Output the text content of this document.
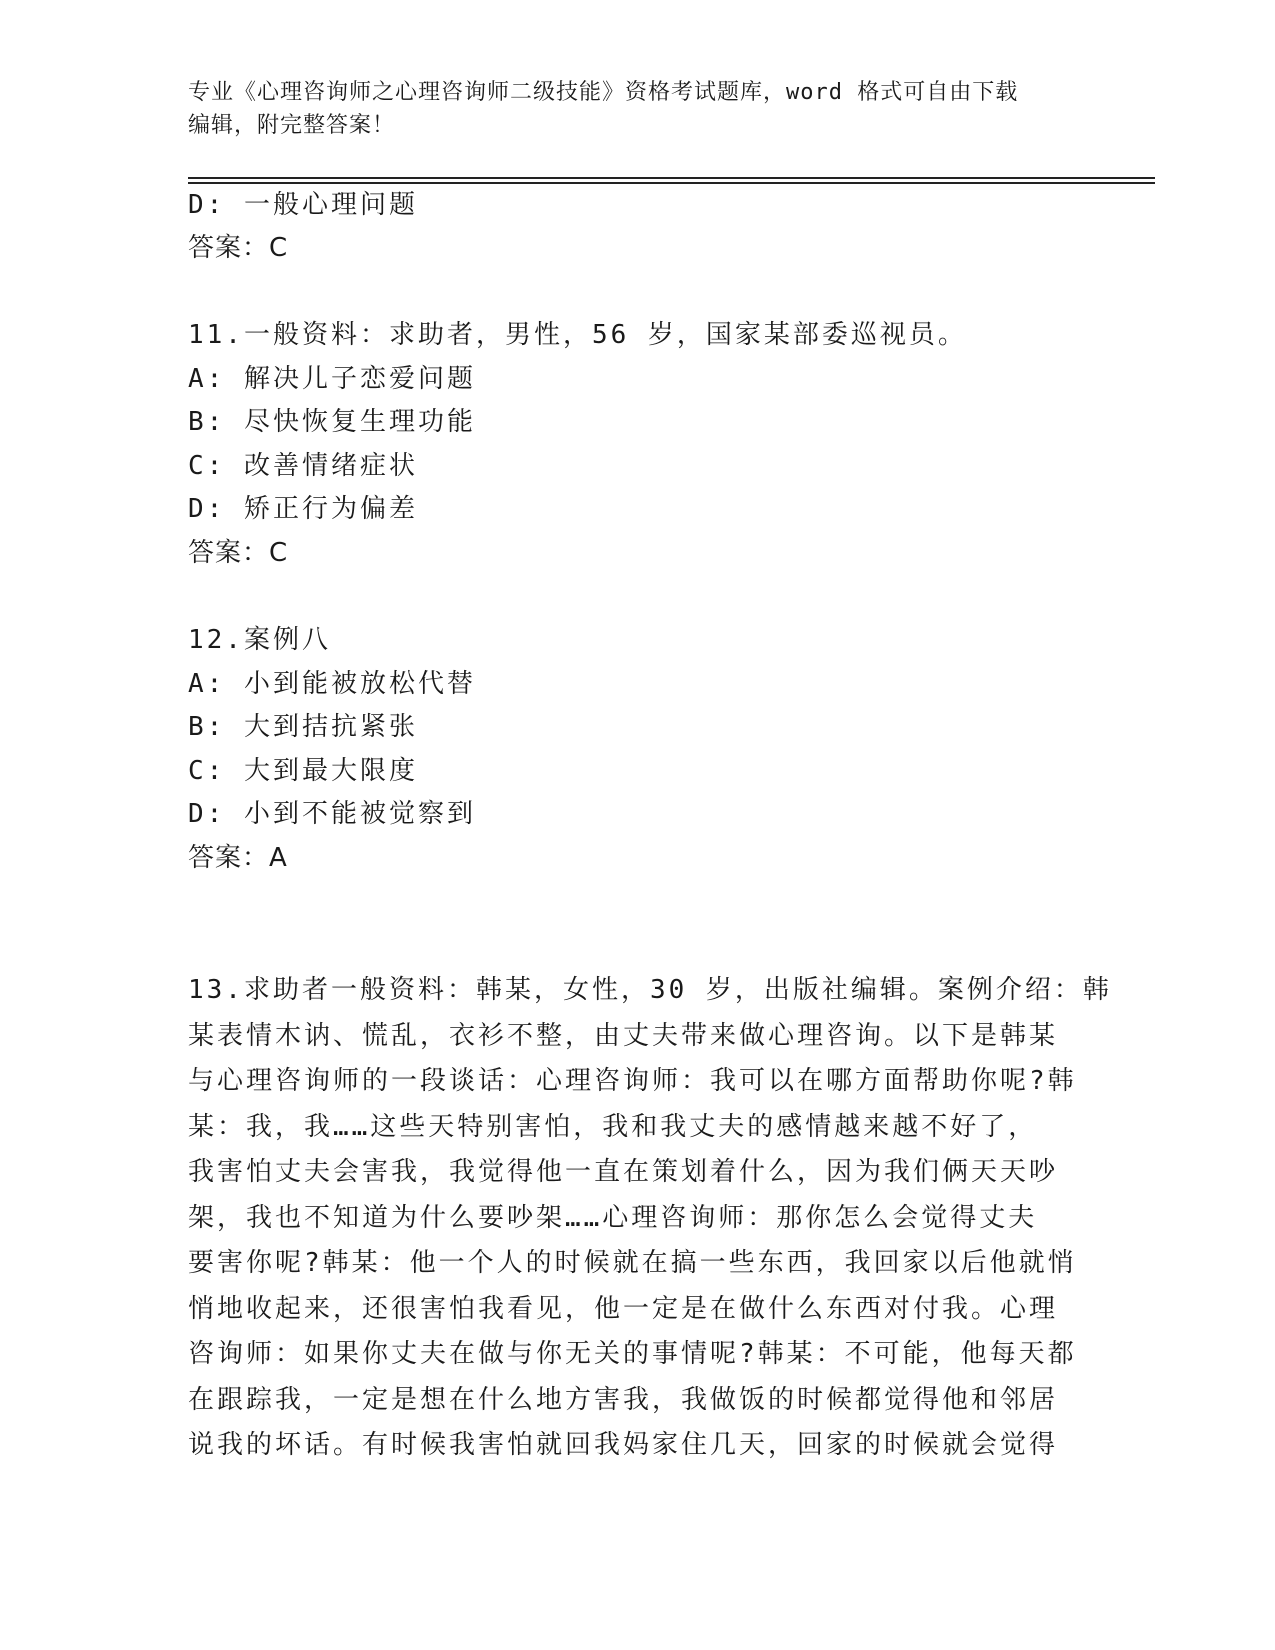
专业《心理咨询师之心理咨询师二级技能》资格考试题库，word 格式可自由下载
编辑，附完整答案！
D: 一般心理问题
答案：C
11.一般资料：求助者，男性，56 岁，国家某部委巡视员。
A: 解决儿子恋爱问题
B: 尽快恢复生理功能
C: 改善情绪症状
D: 矫正行为偏差
答案：C
12.案例八
A: 小到能被放松代替
B: 大到拮抗紧张
C: 大到最大限度
D: 小到不能被觉察到
答案：A
13.求助者一般资料：韩某，女性，30 岁，出版社编辑。案例介绍：韩
某表情木讷、慌乱，衣衫不整，由丈夫带来做心理咨询。以下是韩某
与心理咨询师的一段谈话：心理咨询师：我可以在哪方面帮助你呢?韩
某：我，我……这些天特别害怕，我和我丈夫的感情越来越不好了，
我害怕丈夫会害我，我觉得他一直在策划着什么，因为我们俩天天吵
架，我也不知道为什么要吵架……心理咨询师：那你怎么会觉得丈夫
要害你呢?韩某：他一个人的时候就在搞一些东西，我回家以后他就悄
悄地收起来，还很害怕我看见，他一定是在做什么东西对付我。心理
咨询师：如果你丈夫在做与你无关的事情呢?韩某：不可能，他每天都
在跟踪我，一定是想在什么地方害我，我做饭的时候都觉得他和邻居
说我的坏话。有时候我害怕就回我妈家住几天，回家的时候就会觉得
